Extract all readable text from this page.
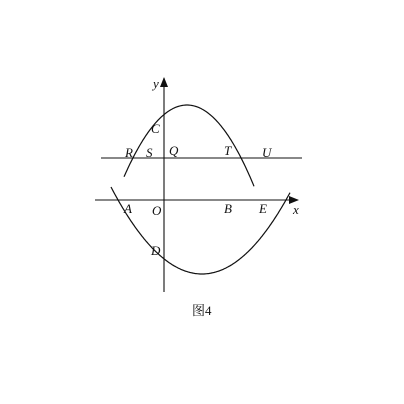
y
x
C
R S Q	T U
A O	B E
D
图4
